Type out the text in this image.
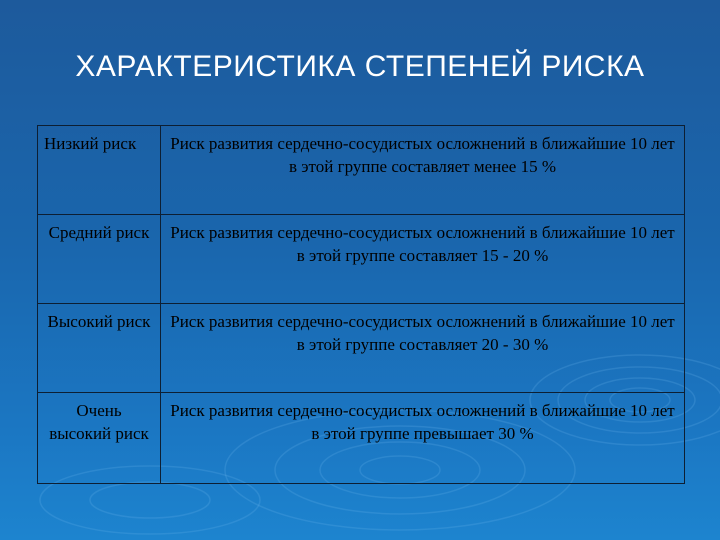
ХАРАКТЕРИСТИКА СТЕПЕНЕЙ РИСКА
Низкий риск	Риск развития сердечно-сосудистых осложнений в ближайшие 10 лет в этой группе составляет менее 15 %
Средний риск	Риск развития сердечно-сосудистых осложнений в ближайшие 10 лет в этой группе составляет 15 - 20 %
Высокий риск	Риск развития сердечно-сосудистых осложнений в ближайшие 10 лет в этой группе составляет 20 - 30 %
Очень высокий риск	Риск развития сердечно-сосудистых осложнений в ближайшие 10 лет в этой группе превышает 30 %
